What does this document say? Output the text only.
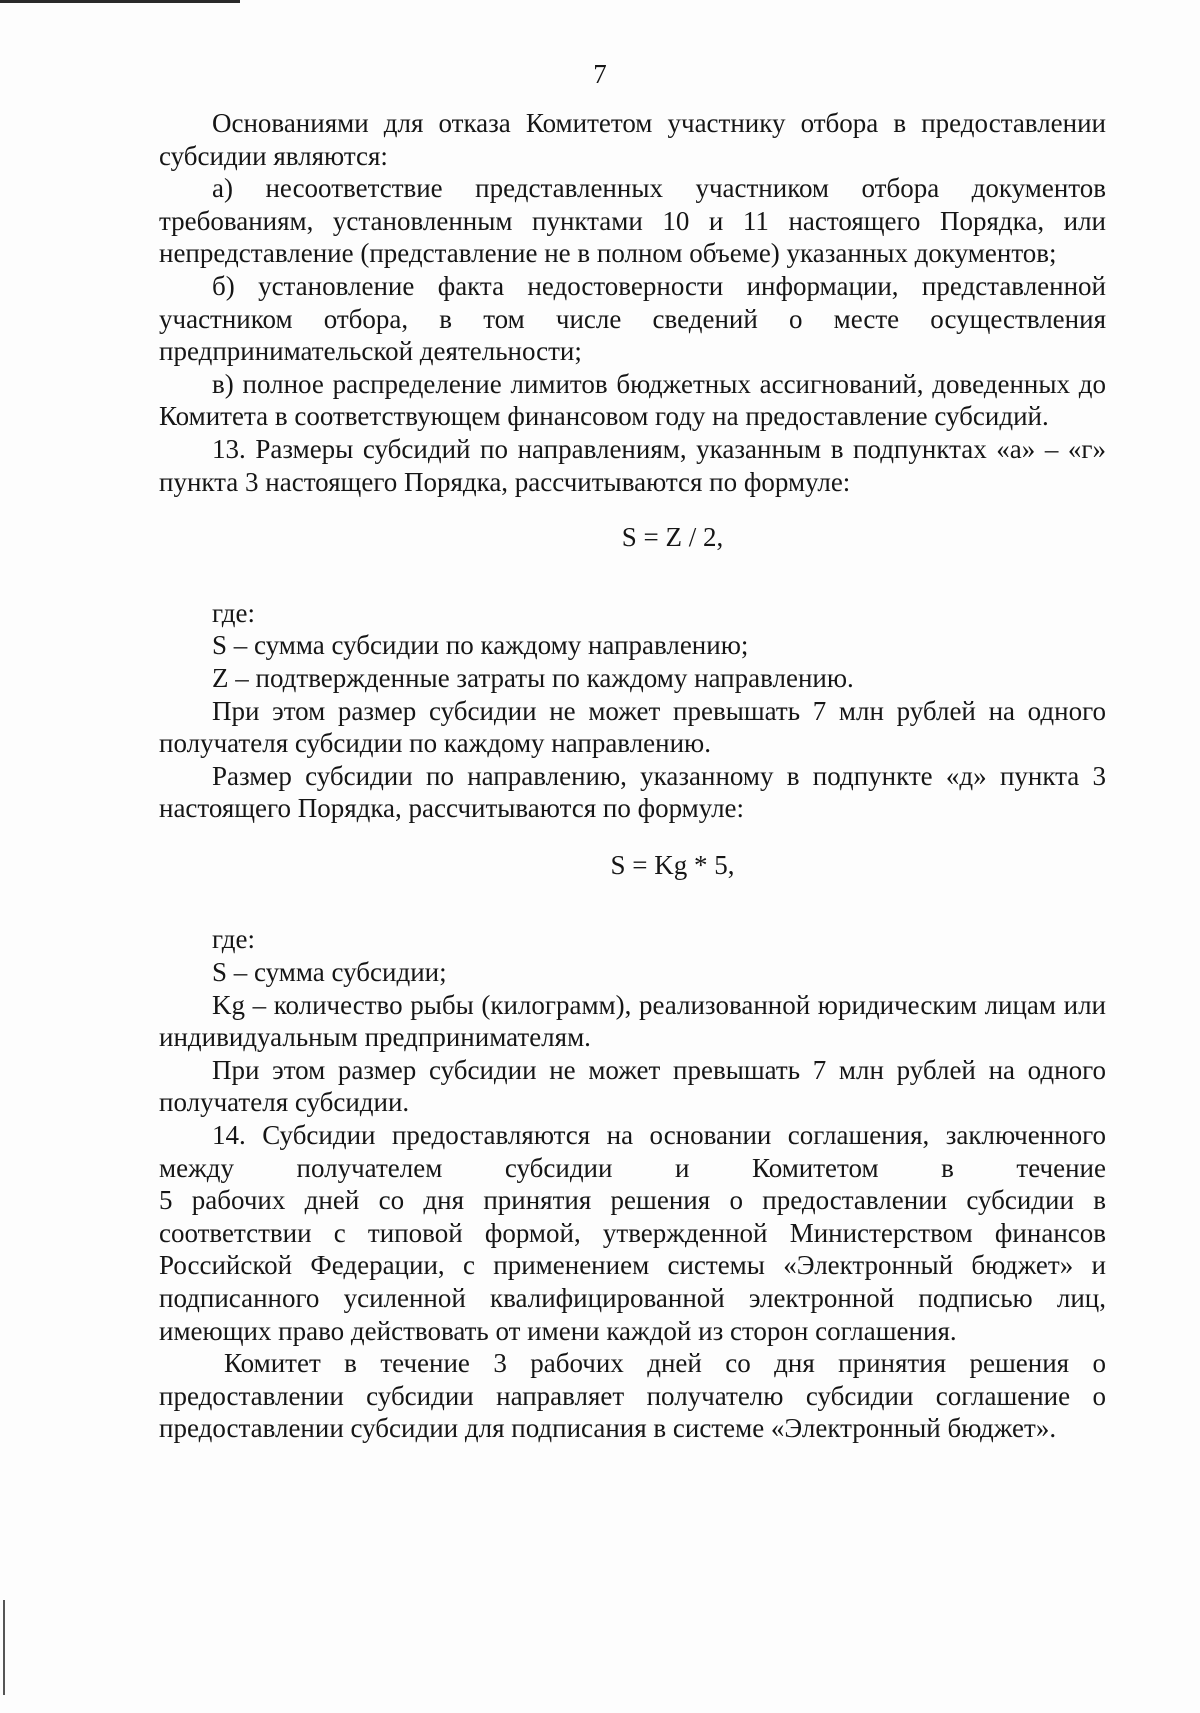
7

Основаниями для отказа Комитетом участнику отбора в предоставлении субсидии являются:

а) несоответствие представленных участником отбора документов требованиям, установленным пунктами 10 и 11 настоящего Порядка, или непредставление (представление не в полном объеме) указанных документов;

б) установление факта недостоверности информации, представленной участником отбора, в том числе сведений о месте осуществления предпринимательской деятельности;

в) полное распределение лимитов бюджетных ассигнований, доведенных до Комитета в соответствующем финансовом году на предоставление субсидий.

13. Размеры субсидий по направлениям, указанным в подпунктах «а» – «г» пункта 3 настоящего Порядка, рассчитываются по формуле:

S = Z / 2,

где:

S – сумма субсидии по каждому направлению;

Z – подтвержденные затраты по каждому направлению.

При этом размер субсидии не может превышать 7 млн рублей на одного получателя субсидии по каждому направлению.

Размер субсидии по направлению, указанному в подпункте «д» пункта 3 настоящего Порядка, рассчитываются по формуле:

S = Kg * 5,

где:

S – сумма субсидии;

Kg – количество рыбы (килограмм), реализованной юридическим лицам или индивидуальным предпринимателям.

При этом размер субсидии не может превышать 7 млн рублей на одного получателя субсидии.

14. Субсидии предоставляются на основании соглашения, заключенного между получателем субсидии и Комитетом в течение

5 рабочих дней со дня принятия решения о предоставлении субсидии в соответствии с типовой формой, утвержденной Министерством финансов Российской Федерации, с применением системы «Электронный бюджет» и подписанного усиленной квалифицированной электронной подписью лиц, имеющих право действовать от имени каждой из сторон соглашения.

Комитет в течение 3 рабочих дней со дня принятия решения о предоставлении субсидии направляет получателю субсидии соглашение о предоставлении субсидии для подписания в системе «Электронный бюджет».
